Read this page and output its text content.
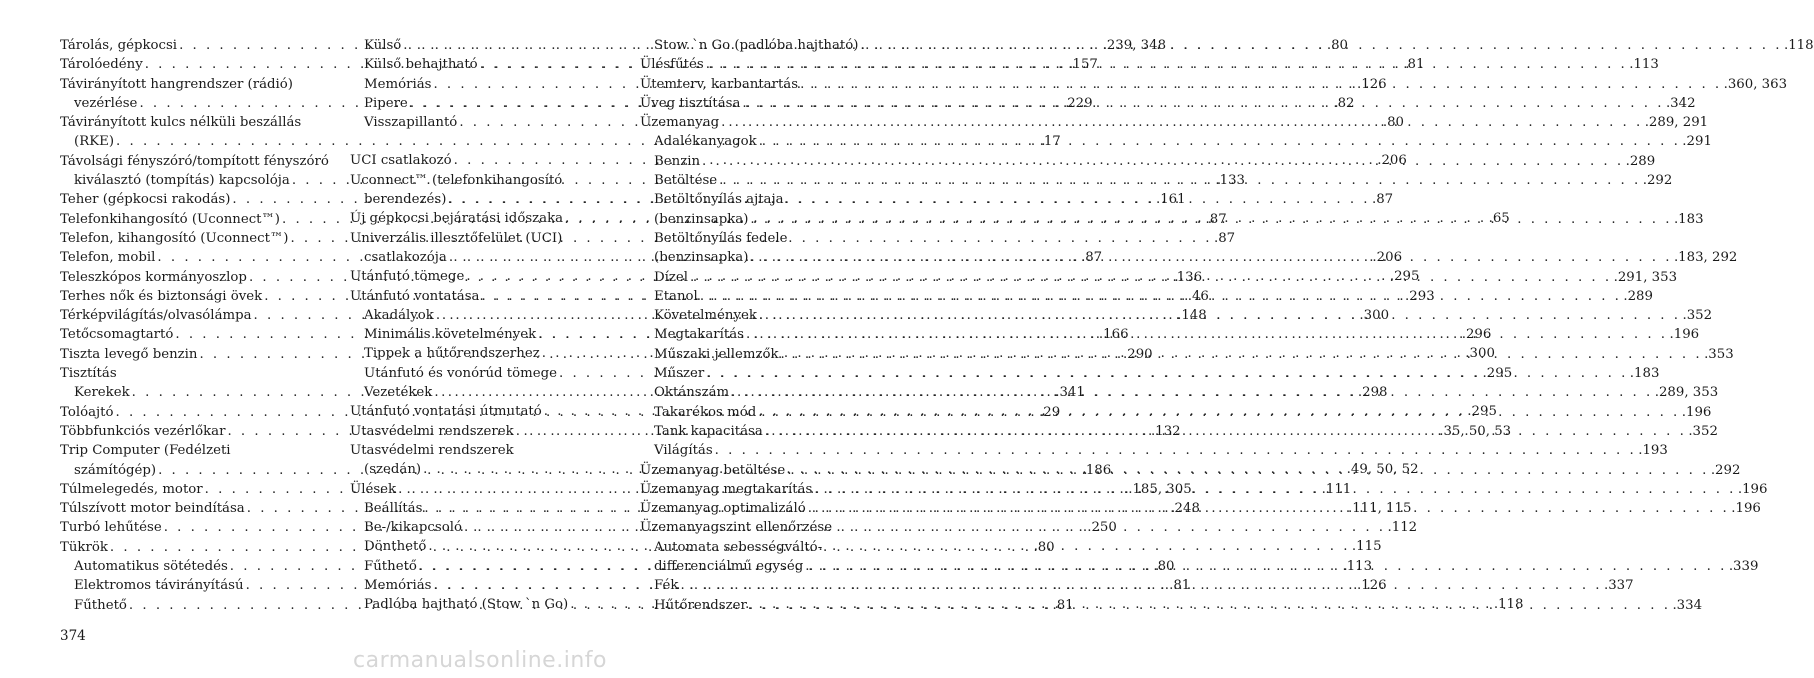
Tárolás, gépkocsi . . .	.239, 348
Tárolóedény . . .	.157
Távirányított hangrendszer (rádió)
vezérlése . . .	.229
Távirányított kulcs nélküli beszállás
(RKE) . . .	.17
Távolsági fényszóró/tompított fényszóró
kiválasztó (tompítás) kapcsolója . . .	.133
Teher (gépkocsi rakodás) . . .	.161
Telefonkihangosító (Uconnect™) . . .	.87
Telefon, kihangosító (Uconnect™) . . .	.87
Telefon, mobil . . .	.87
Teleszkópos kormányoszlop . . .	.136
Terhes nők és biztonsági övek . . .	.46
Térképvilágítás/olvasólámpa . . .	.148
Tetőcsomagtartó . . .	.166
Tiszta levegő benzin . . .	.290
Tisztítás
Kerekek . . .	.341
Tolóajtó . . .	.29
Többfunkciós vezérlőkar . . .	.132
Trip Computer (Fedélzeti
számítógép) . . .	.186
Túlmelegedés, motor . . .	.185, 305
Túlszívott motor beindítása . . .	.248
Turbó lehűtése . . .	.250
Tükrök . . .	.80
Automatikus sötétedés . . .	.80
Elektromos távirányítású . . .	.81
Fűthető . . .	.81
Külső . . .	.80
Külső behajtható . . .	.81
Memóriás . . .	.126
Pipere . . .	.82
Visszapillantó . . .	.80
UCI csatlakozó . . .	.206
Uconnect™ (telefonkihangosító
berendezés) . . .	.87
Új gépkocsi bejáratási időszaka . . .	.65
Univerzális illesztőfelület (UCI)
csatlakozója . . .	.206
Utánfutó tömege . . .	.295
Utánfutó vontatása . . .	.293
Akadályok . . .	.300
Minimális követelmények . . .	.296
Tippek a hűtőrendszerhez . . .	.300
Utánfutó és vonórúd tömege . . .	.295
Vezetékek . . .	.298
Utánfutó vontatási útmutató . . .	.295
Utasvédelmi rendszerek . . .	.35, 50, 53
Utasvédelmi rendszerek
(szedán) . . .	.49, 50, 52
Ülések . . .	.111
Beállítás . . .	.111, 115
Be-/kikapcsoló . . .	.112
Dönthető . . .	.115
Fűthető . . .	.113
Memóriás . . .	.126
Padlóba hajtható (Stow `n Go) . . .	.118
Stow `n Go (padlóba hajtható) . . .	.118
Ülésfűtés . . .	.113
Ütemterv, karbantartás . . .	.360, 363
Üveg tisztítása . . .	.342
Üzemanyag . . .	.289, 291
Adalékanyagok . . .	.291
Benzin . . .	.289
Betöltése . . .	.292
Betöltőnyílás ajtaja
(benzinsapka) . . .	.183
Betöltőnyílás fedele
(benzinsapka) . . .	.183, 292
Dízel . . .	.291, 353
Etanol . . .	.289
Követelmények . . .	.352
Megtakarítás . . .	.196
Műszaki jellemzők . . .	.353
Műszer . . .	.183
Oktánszám . . .	.289, 353
Takarékos mód . . .	.196
Tank kapacitása . . .	.352
Világítás . . .	.193
Üzemanyag betöltése . . .	.292
Üzemanyag megtakarítás . . .	.196
Üzemanyag optimalizáló . . .	.196
Üzemanyagszint ellenőrzése
Automata sebességváltó-
differenciálmű egység . . .	.339
Fék . . .	.337
Hűtőrendszer . . .	.334
374
carmanualsonline.info
